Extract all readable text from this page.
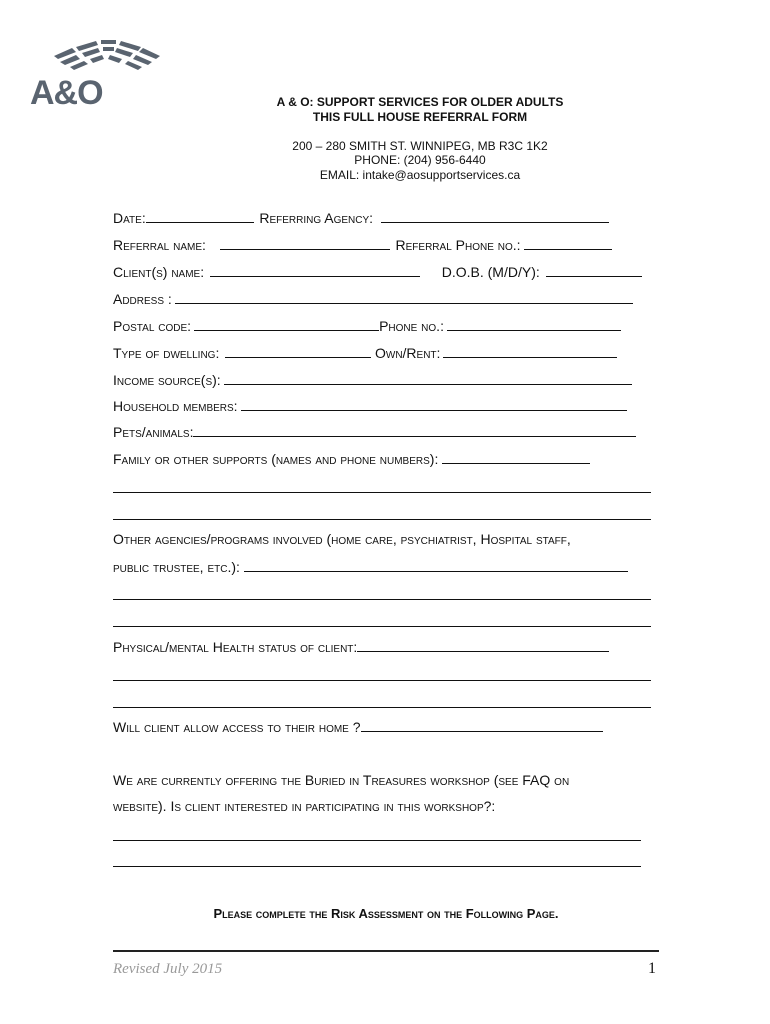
A&O	A & O: SUPPORT SERVICES FOR OLDER ADULTS
THIS FULL HOUSE REFERRAL FORM
200 – 280 SMITH ST. WINNIPEG, MB R3C 1K2
PHONE: (204) 956-6440
EMAIL: intake@aosupportservices.ca
Date:	Referring Agency:
Referral name:	Referral Phone no.:
Client(s) name:	D.O.B. (M/D/Y):
Address :
Postal code:	Phone no.:
Type of dwelling:	Own/Rent:
Income source(s):
Household members:
Pets/animals:
Family or other supports (names and phone numbers):
Other agencies/programs involved (home care, psychiatrist, Hospital staff,
public trustee, etc.):
Physical/mental Health status of client:
Will client allow access to their home ?
We are currently offering the Buried in Treasures workshop (see FAQ on
website). Is client interested in participating in this workshop?:
Please complete the Risk Assessment on the Following Page.
Revised July 2015	1
